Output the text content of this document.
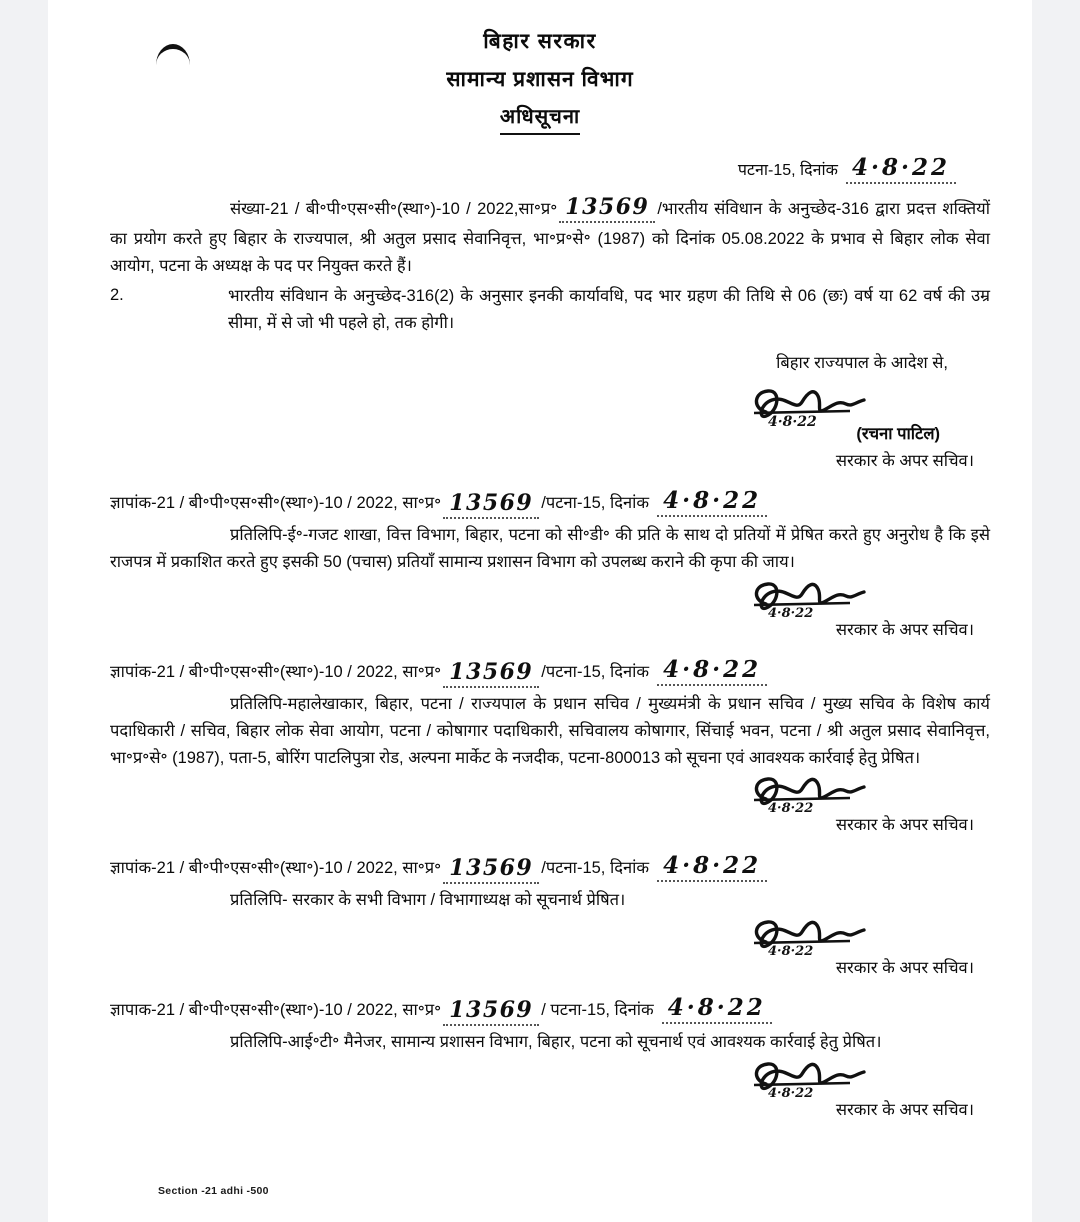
बिहार सरकार
सामान्य प्रशासन विभाग
अधिसूचना
पटना-15, दिनांक 4·8·22

संख्या-21 / बी॰पी॰एस॰सी॰(स्था॰)-10 / 2022,सा॰प्र॰ 13569 /भारतीय संविधान के अनुच्छेद-316 द्वारा प्रदत्त शक्तियों का प्रयोग करते हुए बिहार के राज्यपाल, श्री अतुल प्रसाद सेवानिवृत्त, भा॰प्र॰से॰ (1987) को दिनांक 05.08.2022 के प्रभाव से बिहार लोक सेवा आयोग, पटना के अध्यक्ष के पद पर नियुक्त करते हैं।

2.	भारतीय संविधान के अनुच्छेद-316(2) के अनुसार इनकी कार्यावधि, पद भार ग्रहण की तिथि से 06 (छः) वर्ष या 62 वर्ष की उम्र सीमा, में से जो भी पहले हो, तक होगी।

बिहार राज्यपाल के आदेश से,
4·8·22
(रचना पाटिल)
सरकार के अपर सचिव।
ज्ञापांक-21 / बी॰पी॰एस॰सी॰(स्था॰)-10 / 2022, सा॰प्र॰ 13569 /पटना-15, दिनांक 4·8·22

प्रतिलिपि-ई॰-गजट शाखा, वित्त विभाग, बिहार, पटना को सी॰डी॰ की प्रति के साथ दो प्रतियों में प्रेषित करते हुए अनुरोध है कि इसे राजपत्र में प्रकाशित करते हुए इसकी 50 (पचास) प्रतियाँ सामान्य प्रशासन विभाग को उपलब्ध कराने की कृपा की जाय।

4·8·22
सरकार के अपर सचिव।
ज्ञापांक-21 / बी॰पी॰एस॰सी॰(स्था॰)-10 / 2022, सा॰प्र॰ 13569 /पटना-15, दिनांक 4·8·22

प्रतिलिपि-महालेखाकार, बिहार, पटना / राज्यपाल के प्रधान सचिव / मुख्यमंत्री के प्रधान सचिव / मुख्य सचिव के विशेष कार्य पदाधिकारी / सचिव, बिहार लोक सेवा आयोग, पटना / कोषागार पदाधिकारी, सचिवालय कोषागार, सिंचाई भवन, पटना / श्री अतुल प्रसाद सेवानिवृत्त, भा॰प्र॰से॰ (1987), पता-5, बोरिंग पाटलिपुत्रा रोड, अल्पना मार्केट के नजदीक, पटना-800013 को सूचना एवं आवश्यक कार्रवाई हेतु प्रेषित।

4·8·22
सरकार के अपर सचिव।
ज्ञापांक-21 / बी॰पी॰एस॰सी॰(स्था॰)-10 / 2022, सा॰प्र॰ 13569 /पटना-15, दिनांक 4·8·22

प्रतिलिपि- सरकार के सभी विभाग / विभागाध्यक्ष को सूचनार्थ प्रेषित।

4·8·22
सरकार के अपर सचिव।
ज्ञापाक-21 / बी॰पी॰एस॰सी॰(स्था॰)-10 / 2022, सा॰प्र॰ 13569 / पटना-15, दिनांक 4·8·22

प्रतिलिपि-आई॰टी॰ मैनेजर, सामान्य प्रशासन विभाग, बिहार, पटना को सूचनार्थ एवं आवश्यक कार्रवाई हेतु प्रेषित।

4·8·22
सरकार के अपर सचिव।
Section -21 adhi -500
